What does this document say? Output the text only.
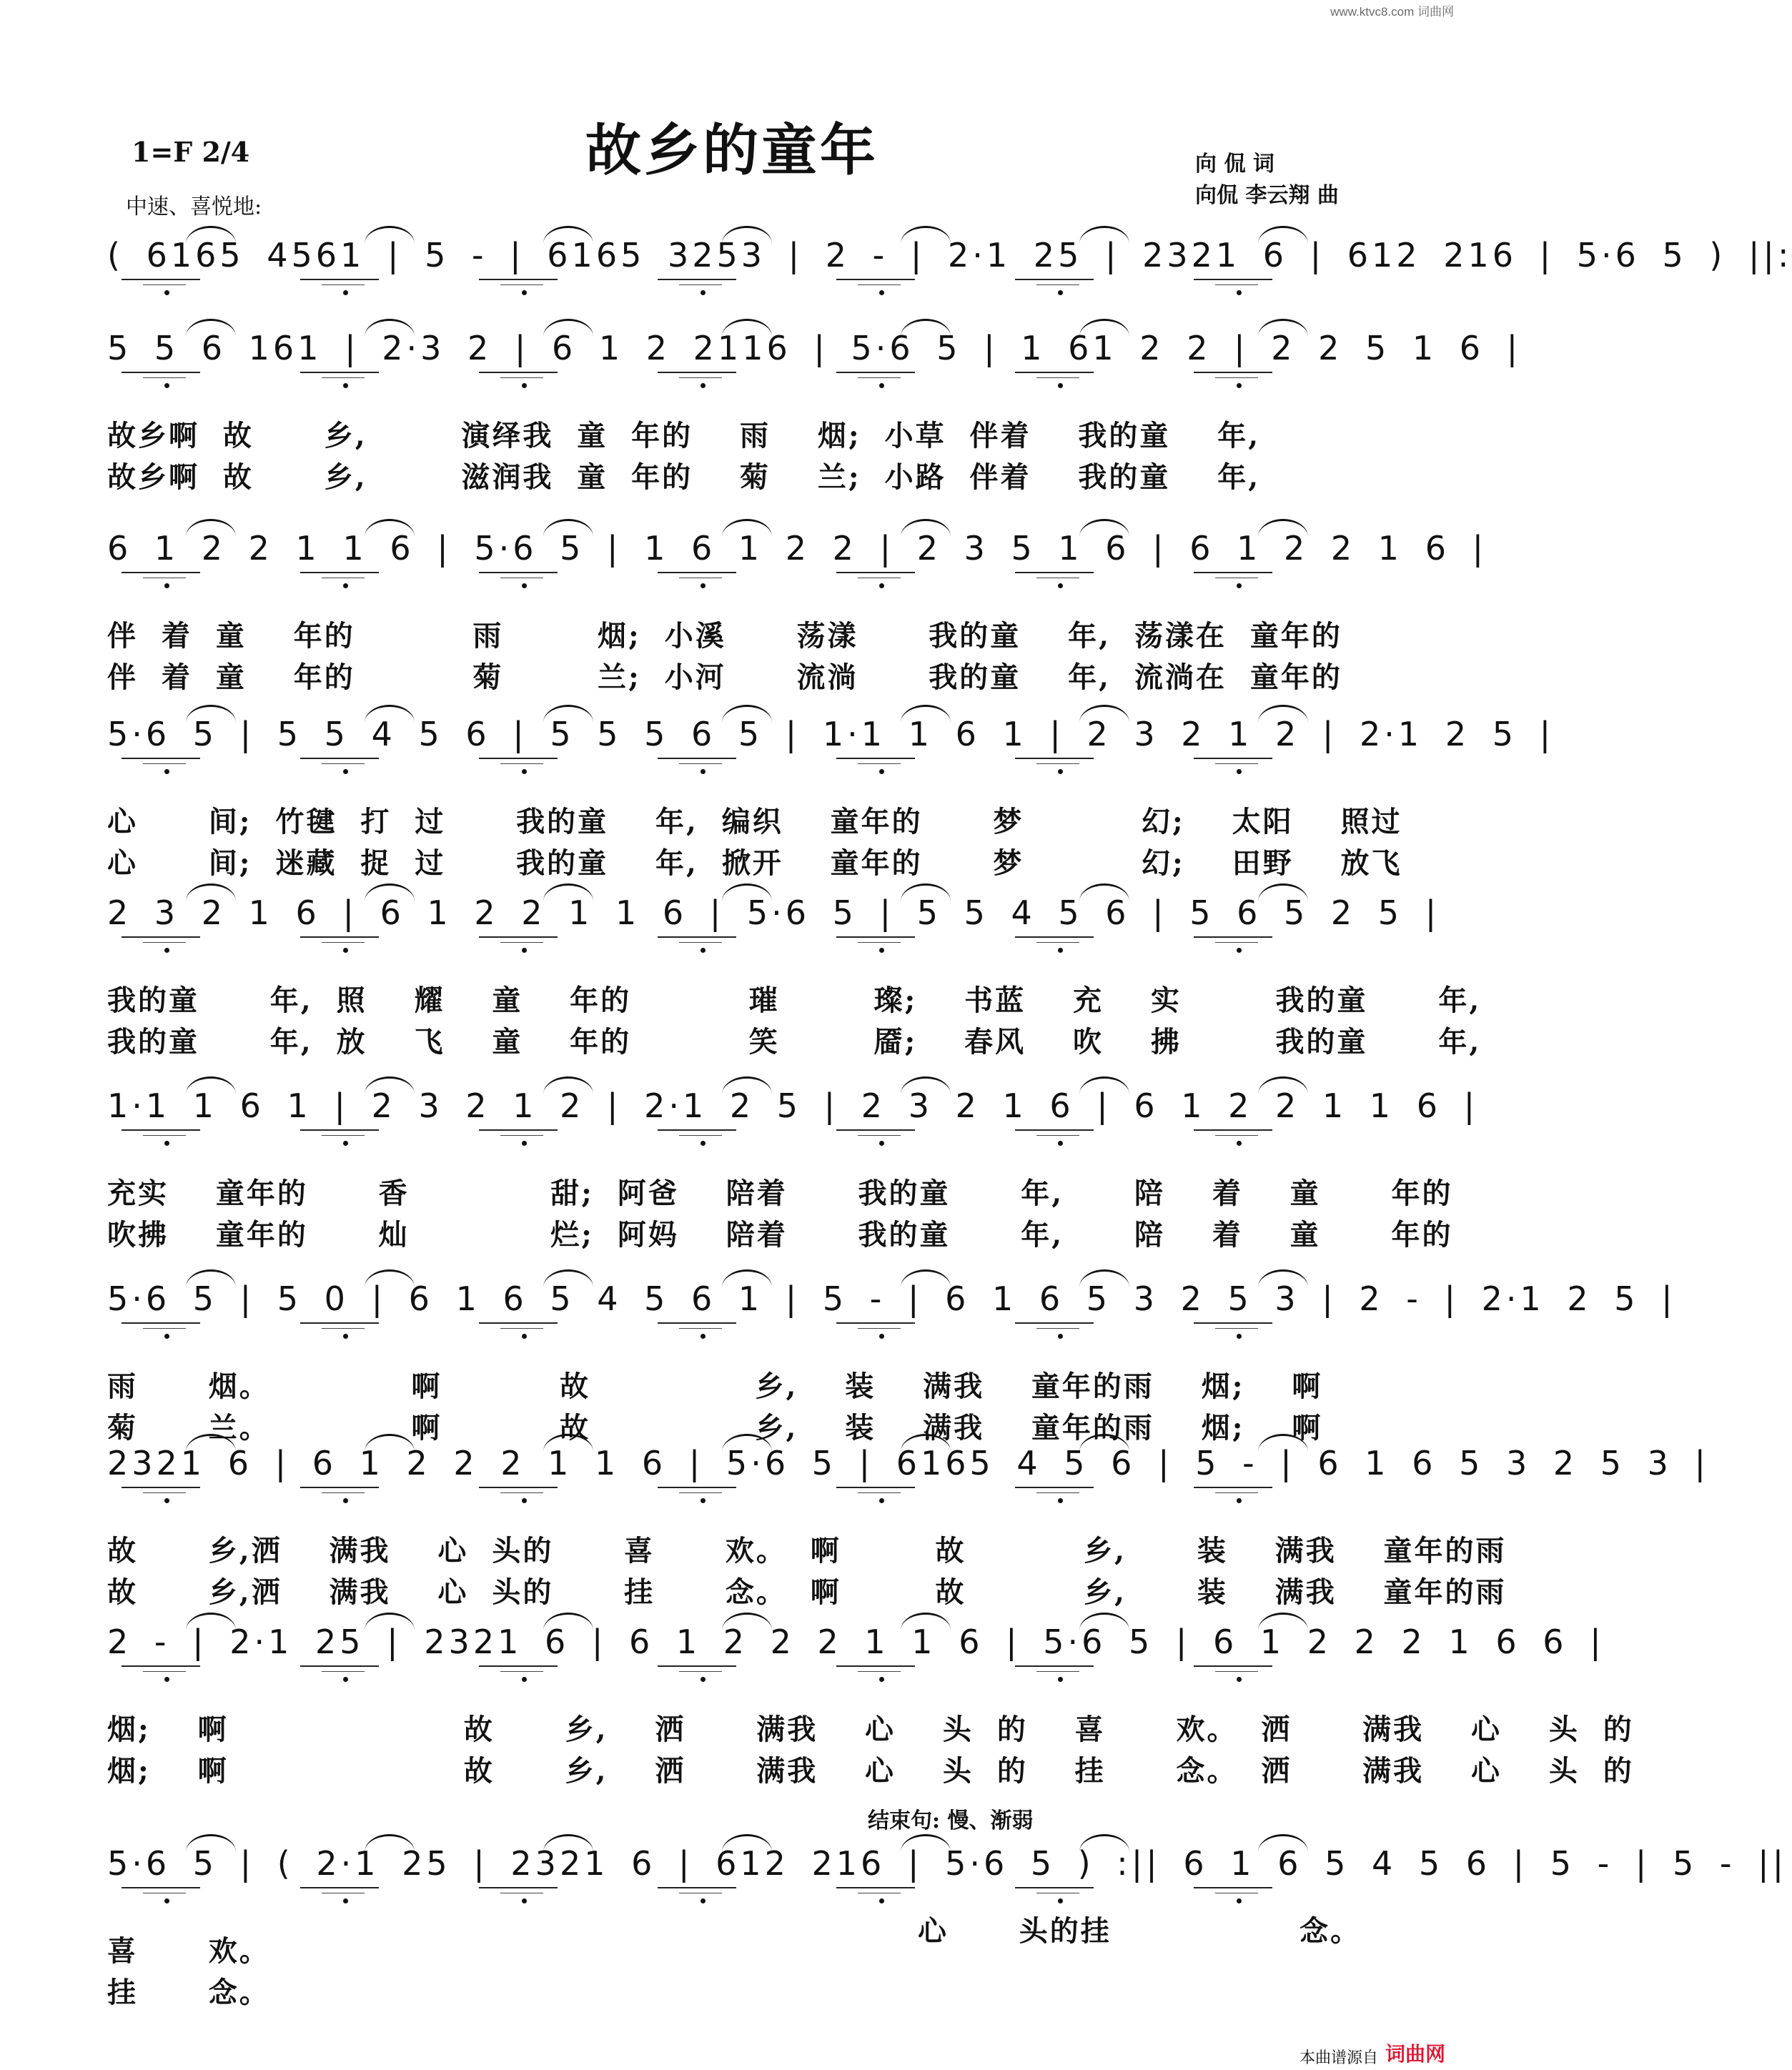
www.ktvc8.com 词曲网
故乡的童年
1=F 2/4
中速、喜悦地:
向 侃 词
向侃 李云翔 曲
( 6165 4561 | 5 - | 6165 3253 | 2 - | 2·1 25 | 2321 6 | 612 216 | 5·6 5 ) ||:
5 5 6 161 | 2·3 2 | 6 1 2 2116 | 5·6 5 | 1 61 2 2 | 2 2 5 1 6 |
故乡啊 故   乡,    演绎我 童 年的  雨  烟; 小草 伴着  我的童  年,
故乡啊 故   乡,    滋润我 童 年的  菊  兰; 小路 伴着  我的童  年,
6 1 2 2 1 1 6 | 5·6 5 | 1 6 1 2 2 | 2 3 5 1 6 | 6 1 2 2 1 6 |
伴 着 童  年的     雨    烟; 小溪   荡漾   我的童  年, 荡漾在 童年的
伴 着 童  年的     菊    兰; 小河   流淌   我的童  年, 流淌在 童年的
5·6 5 | 5 5 4 5 6 | 5 5 5 6 5 | 1·1 1 6 1 | 2 3 2 1 2 | 2·1 2 5 |
心   间; 竹毽 打 过   我的童  年, 编织  童年的   梦     幻;  太阳  照过
心   间; 迷藏 捉 过   我的童  年, 掀开  童年的   梦     幻;  田野  放飞
2 3 2 1 6 | 6 1 2 2 1 1 6 | 5·6 5 | 5 5 4 5 6 | 5 6 5 2 5 |
我的童   年, 照  耀  童  年的     璀    璨;  书蓝  充  实    我的童   年,
我的童   年, 放  飞  童  年的     笑    靥;  春风  吹  拂    我的童   年,
1·1 1 6 1 | 2 3 2 1 2 | 2·1 2 5 | 2 3 2 1 6 | 6 1 2 2 1 1 6 |
充实  童年的   香      甜; 阿爸  陪着   我的童   年,   陪  着  童   年的
吹拂  童年的   灿      烂; 阿妈  陪着   我的童   年,   陪  着  童   年的
5·6 5 | 5 0 | 6 1 6 5 4 5 6 1 | 5 - | 6 1 6 5 3 2 5 3 | 2 - | 2·1 2 5 |
雨   烟。      啊     故       乡,  装  满我  童年的雨  烟;  啊
菊   兰。      啊     故       乡,  装  满我  童年的雨  烟;  啊
2321 6 | 6 1 2 2 2 1 1 6 | 5·6 5 | 6165 4 5 6 | 5 - | 6 1 6 5 3 2 5 3 |
故   乡,洒  满我  心 头的   喜   欢。 啊    故     乡,   装  满我  童年的雨
故   乡,洒  满我  心 头的   挂   念。 啊    故     乡,   装  满我  童年的雨
2 - | 2·1 25 | 2321 6 | 6 1 2 2 2 1 1 6 | 5·6 5 | 6 1 2 2 2 1 6 6 |
烟;  啊          故   乡,  洒   满我  心  头 的  喜   欢。 洒   满我  心  头 的
烟;  啊          故   乡,  洒   满我  心  头 的  挂   念。 洒   满我  心  头 的
5·6 5 | ( 2·1 25 | 2321 6 | 612 216 | 5·6 5 ) :|| 6 1 6 5 4 5 6 | 5 - | 5 - ||
喜   欢。
挂   念。
结束句: 慢、渐弱
心   头的挂        念。
本曲谱源自 词曲网
